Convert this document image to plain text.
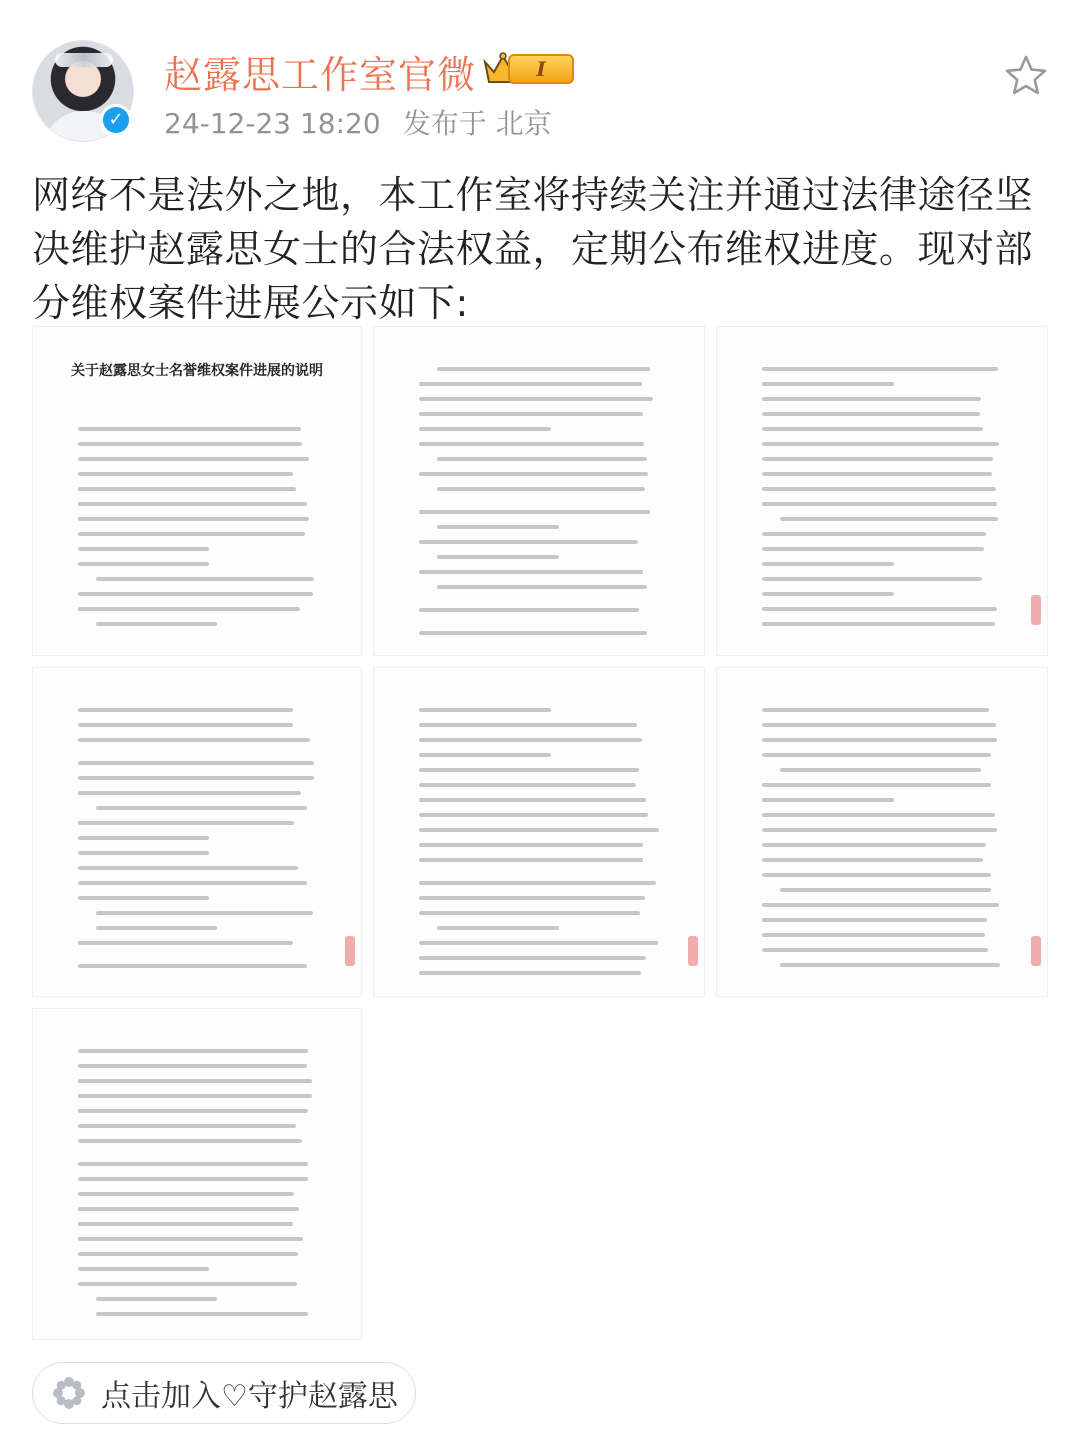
✓
赵露思工作室官微	I
24-12-23 18:20 发布于 北京
网络不是法外之地，本工作室将持续关注并通过法律途径坚决维护赵露思女士的合法权益，定期公布维权进度。现对部分维权案件进展公示如下:
关于赵露思女士名誉维权案件进展的说明
点击加入♡守护赵露思
